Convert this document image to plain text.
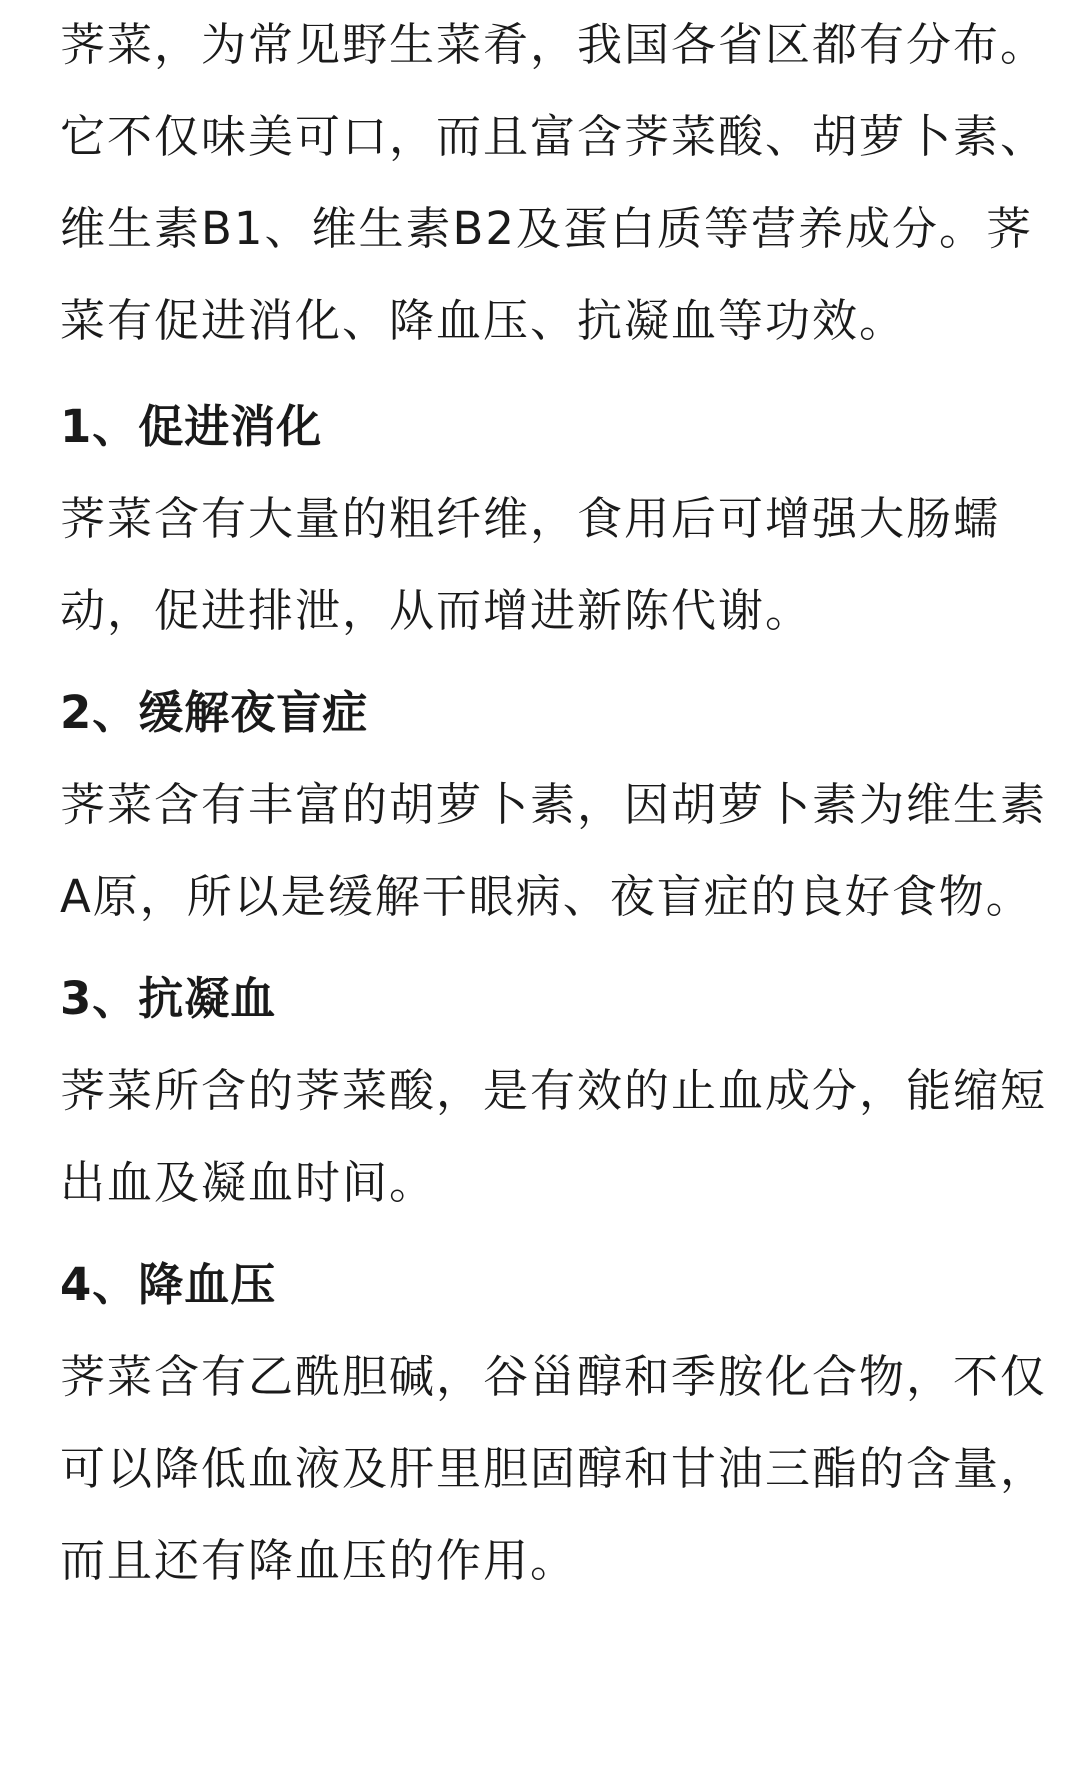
荠菜，为常见野生菜肴，我国各省区都有分布。它不仅味美可口，而且富含荠菜酸、胡萝卜素、维生素B1、维生素B2及蛋白质等营养成分。荠菜有促进消化、降血压、抗凝血等功效。

1、促进消化

荠菜含有大量的粗纤维，食用后可增强大肠蠕动，促进排泄，从而增进新陈代谢。

2、缓解夜盲症

荠菜含有丰富的胡萝卜素，因胡萝卜素为维生素A原，所以是缓解干眼病、夜盲症的良好食物。

3、抗凝血

荠菜所含的荠菜酸，是有效的止血成分，能缩短出血及凝血时间。

4、降血压

荠菜含有乙酰胆碱，谷甾醇和季胺化合物，不仅可以降低血液及肝里胆固醇和甘油三酯的含量，而且还有降血压的作用。
